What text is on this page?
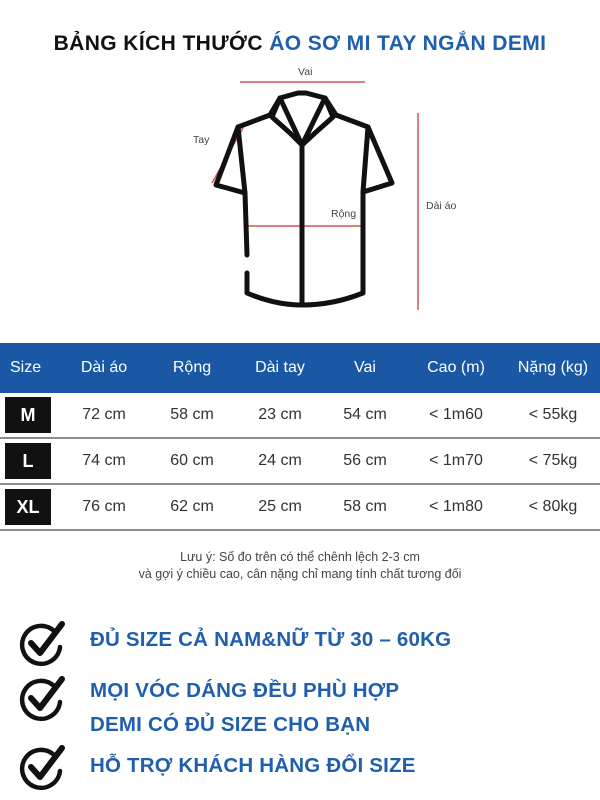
BẢNG KÍCH THƯỚC ÁO SƠ MI TAY NGẮN DEMI
Vai
Tay
Rộng
Dài áo
Size	Dài áo	Rộng	Dài tay	Vai	Cao (m)	Nặng (kg)
M	72 cm	58 cm	23 cm	54 cm	< 1m60	< 55kg
L	74 cm	60 cm	24 cm	56 cm	< 1m70	< 75kg
XL	76 cm	62 cm	25 cm	58 cm	< 1m80	< 80kg
Lưu ý: Số đo trên có thể chênh lệch 2-3 cm
và gợi ý chiều cao, cân nặng chỉ mang tính chất tương đối
ĐỦ SIZE CẢ NAM&NỮ TỪ 30 – 60KG
MỌI VÓC DÁNG ĐỀU PHÙ HỢP
DEMI CÓ ĐỦ SIZE CHO BẠN
HỖ TRỢ KHÁCH HÀNG ĐỔI SIZE
